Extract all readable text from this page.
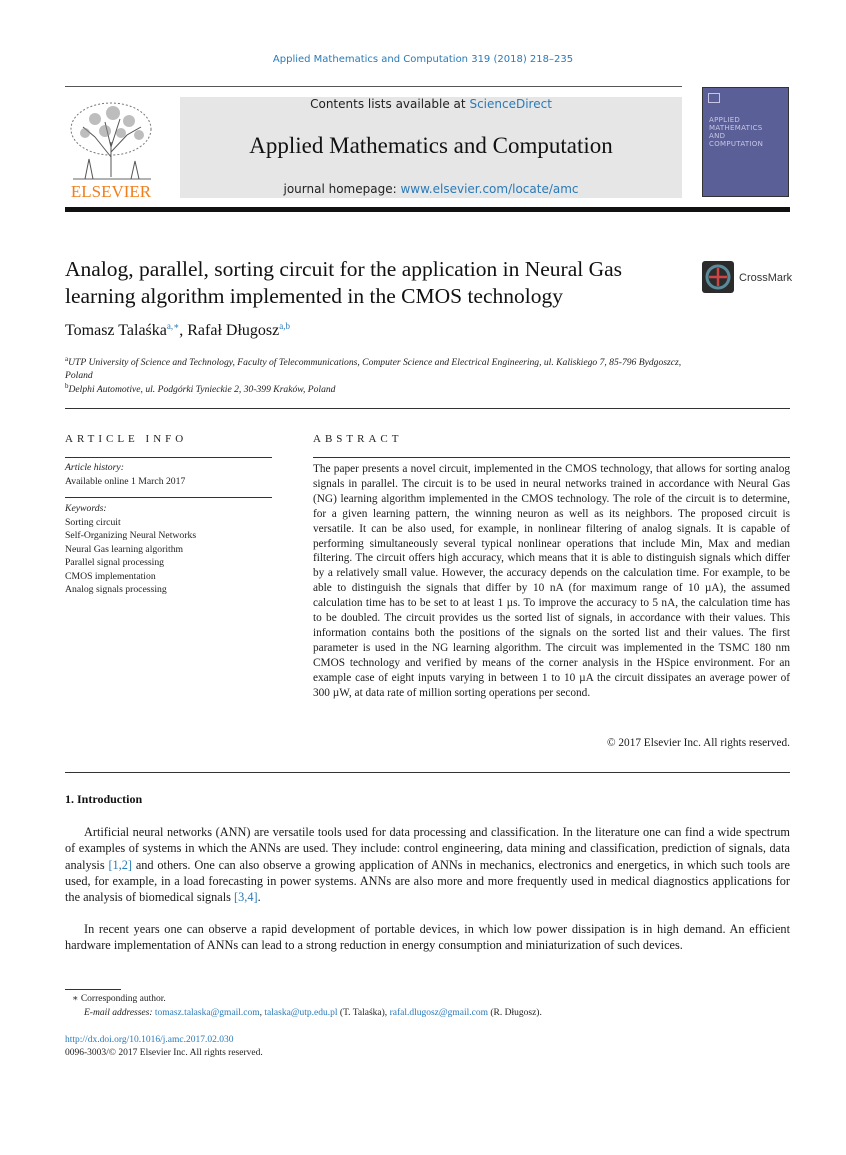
Applied Mathematics and Computation 319 (2018) 218–235
ELSEVIER
Contents lists available at ScienceDirect
Applied Mathematics and Computation
journal homepage: www.elsevier.com/locate/amc
APPLIED MATHEMATICS AND COMPUTATION
Analog, parallel, sorting circuit for the application in Neural Gas learning algorithm implemented in the CMOS technology
CrossMark
Tomasz Talaśka$^{a,∗}$, Rafał Długosz$^{a,b}$
$^a$UTP University of Science and Technology, Faculty of Telecommunications, Computer Science and Electrical Engineering, ul. Kaliskiego 7, 85-796 Bydgoszcz, Poland
$^b$Delphi Automotive, ul. Podgórki Tynieckie 2, 30-399 Kraków, Poland
ARTICLE INFO
Article history:
Available online 1 March 2017
Keywords:
Sorting circuit
Self-Organizing Neural Networks
Neural Gas learning algorithm
Parallel signal processing
CMOS implementation
Analog signals processing
ABSTRACT
The paper presents a novel circuit, implemented in the CMOS technology, that allows for sorting analog signals in parallel. The circuit is to be used in neural networks trained in accordance with Neural Gas (NG) learning algorithm implemented in the CMOS technology. The role of the circuit is to determine, for a given learning pattern, the winning neuron as well as its neighbors. The proposed circuit is versatile. It can be also used, for example, in nonlinear filtering of analog signals. It is capable of performing simultaneously several typical nonlinear operations that include Min, Max and median filtering. The circuit offers high accuracy, which means that it is able to distinguish signals which differ by a relatively small value. However, the accuracy depends on the calculation time. For example, to be able to distinguish the signals that differ by 10 nA (for maximum range of 10 µA), the assumed calculation time has to be set to at least 1 µs. To improve the accuracy to 5 nA, the calculation time has to be doubled. The circuit provides us the sorted list of signals, in accordance with their values. This information contains both the positions of the signals on the sorted list and their values. The first parameter is used in the NG learning algorithm. The circuit was implemented in the TSMC 180 nm CMOS technology and verified by means of the corner analysis in the HSpice environment. For an example case of eight inputs varying in between 1 to 10 µA the circuit dissipates an average power of 300 µW, at data rate of million sorting operations per second.
© 2017 Elsevier Inc. All rights reserved.
1. Introduction
Artificial neural networks (ANN) are versatile tools used for data processing and classification. In the literature one can find a wide spectrum of examples of systems in which the ANNs are used. They include: control engineering, data mining and classification, prediction of signals, data analysis [1,2] and others. One can also observe a growing application of ANNs in mechanics, electronics and energetics, in which such tools are used, for example, in a load forecasting in power systems. ANNs are also more and more frequently used in medical diagnostics applications for the analysis of biomedical signals [3,4].
In recent years one can observe a rapid development of portable devices, in which low power dissipation is in high demand. An efficient hardware implementation of ANNs can lead to a strong reduction in energy consumption and miniaturization of such devices.
∗ Corresponding author.
E-mail addresses: tomasz.talaska@gmail.com, talaska@utp.edu.pl (T. Talaśka), rafal.dlugosz@gmail.com (R. Długosz).
http://dx.doi.org/10.1016/j.amc.2017.02.030
0096-3003/© 2017 Elsevier Inc. All rights reserved.
